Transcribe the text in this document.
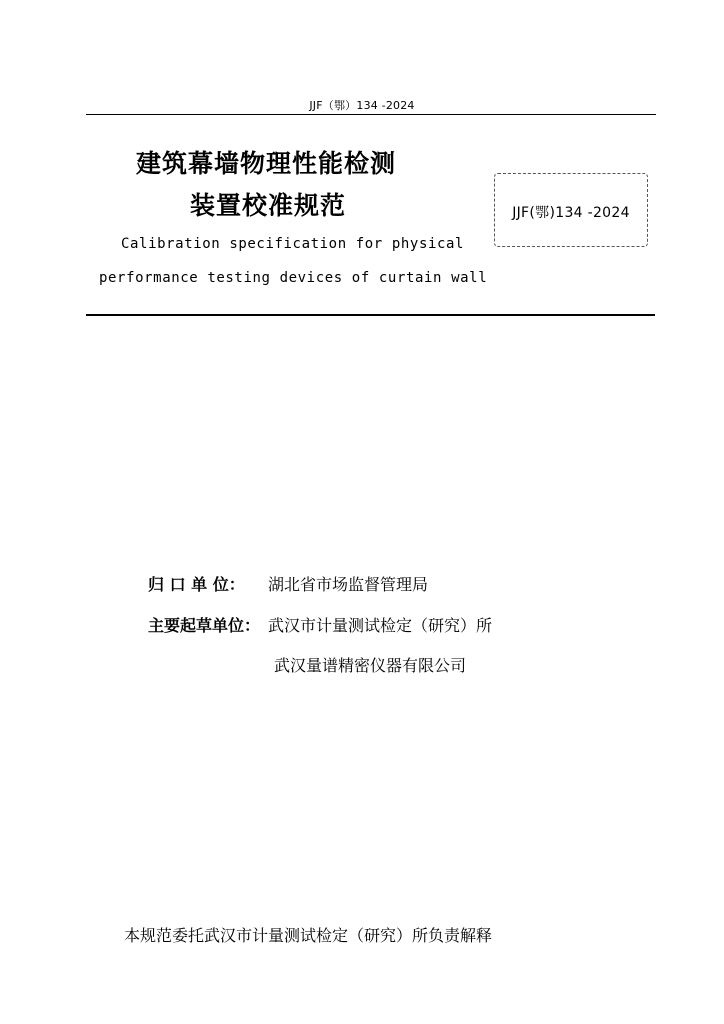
JJF（鄂）134 -2024
建筑幕墙物理性能检测
装置校准规范	JJF(鄂)134 -2024
Calibration specification for physical
performance testing devices of curtain wall
归 口 单 位： 湖北省市场监督管理局
主要起草单位： 武汉市计量测试检定（研究）所
武汉量谱精密仪器有限公司
本规范委托武汉市计量测试检定（研究）所负责解释
